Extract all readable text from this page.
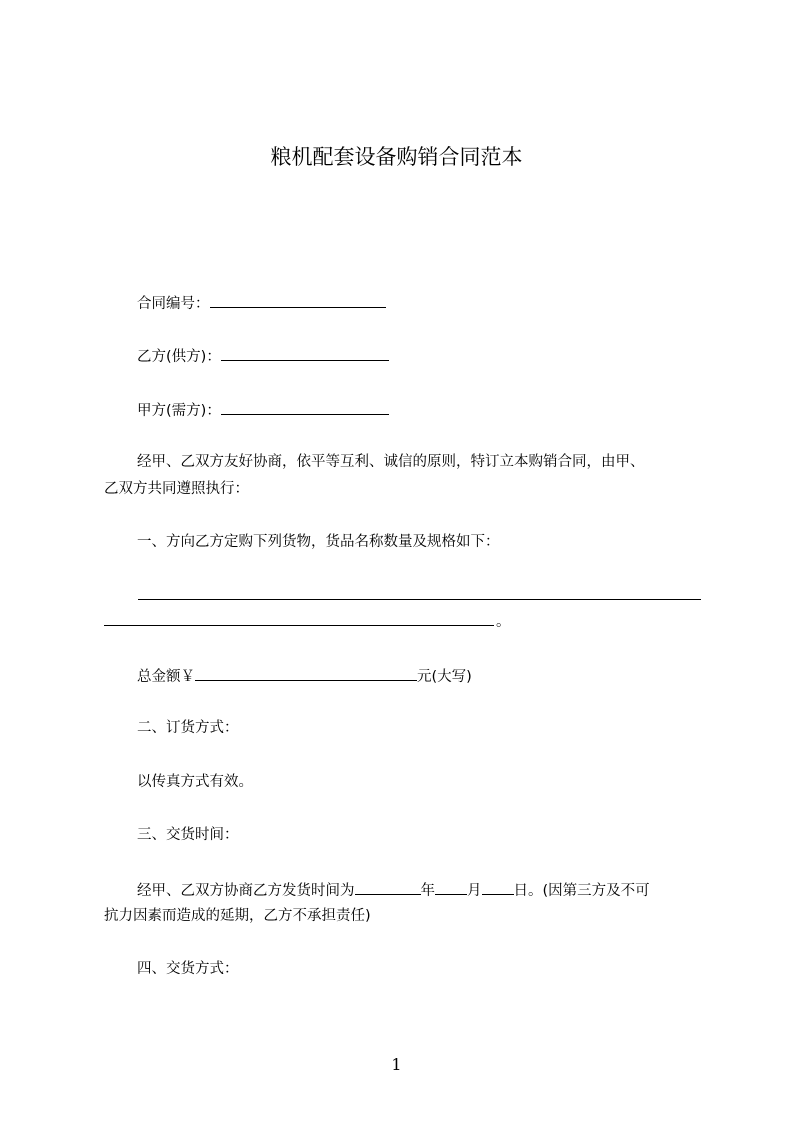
粮机配套设备购销合同范本
合同编号：
乙方(供方)：
甲方(需方)：
经甲、乙双方友好协商，依平等互利、诚信的原则，特订立本购销合同，由甲、
乙双方共同遵照执行：
一、方向乙方定购下列货物，货品名称数量及规格如下：
。
总金额￥	元(大写)
二、订货方式：
以传真方式有效。
三、交货时间：
经甲、乙双方协商乙方发货时间为	年 月 日。(因第三方及不可
抗力因素而造成的延期，乙方不承担责任)
四、交货方式：
1
